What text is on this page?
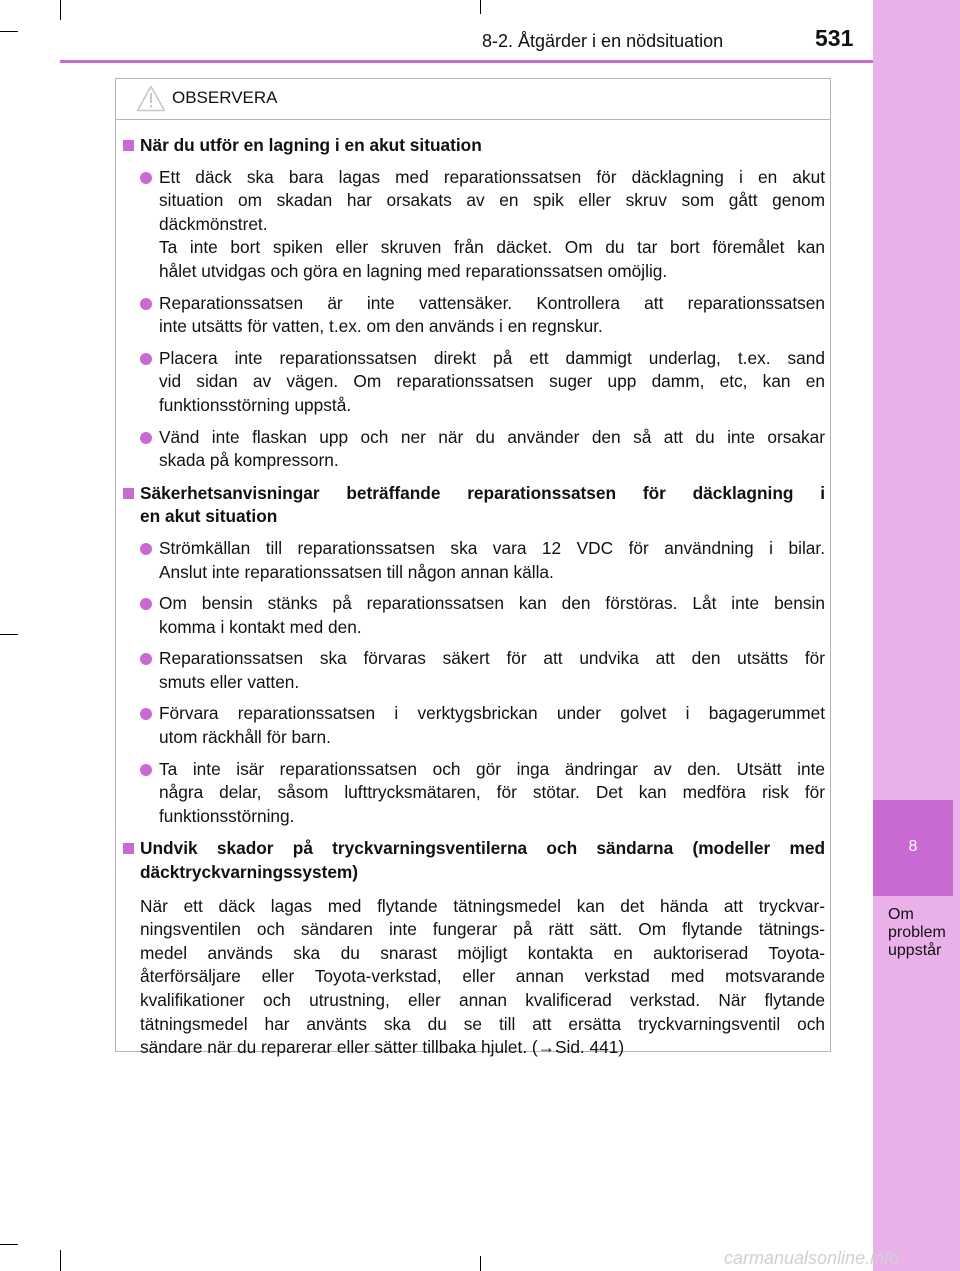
8
Om problem uppstår
8-2. Åtgärder i en nödsituation	531
OBSERVERA
När du utför en lagning i en akut situation
Ett däck ska bara lagas med reparationssatsen för däcklagning i en akut
situation om skadan har orsakats av en spik eller skruv som gått genom
däckmönstret.
Ta inte bort spiken eller skruven från däcket. Om du tar bort föremålet kan
hålet utvidgas och göra en lagning med reparationssatsen omöjlig.
Reparationssatsen är inte vattensäker. Kontrollera att reparationssatsen
inte utsätts för vatten, t.ex. om den används i en regnskur.
Placera inte reparationssatsen direkt på ett dammigt underlag, t.ex. sand
vid sidan av vägen. Om reparationssatsen suger upp damm, etc, kan en
funktionsstörning uppstå.
Vänd inte flaskan upp och ner när du använder den så att du inte orsakar
skada på kompressorn.
Säkerhetsanvisningar beträffande reparationssatsen för däcklagning i
en akut situation
Strömkällan till reparationssatsen ska vara 12 VDC för användning i bilar.
Anslut inte reparationssatsen till någon annan källa.
Om bensin stänks på reparationssatsen kan den förstöras. Låt inte bensin
komma i kontakt med den.
Reparationssatsen ska förvaras säkert för att undvika att den utsätts för
smuts eller vatten.
Förvara reparationssatsen i verktygsbrickan under golvet i bagagerummet
utom räckhåll för barn.
Ta inte isär reparationssatsen och gör inga ändringar av den. Utsätt inte
några delar, såsom lufttrycksmätaren, för stötar. Det kan medföra risk för
funktionsstörning.
Undvik skador på tryckvarningsventilerna och sändarna (modeller med
däcktryckvarningssystem)
När ett däck lagas med flytande tätningsmedel kan det hända att tryckvar-
ningsventilen och sändaren inte fungerar på rätt sätt. Om flytande tätnings-
medel används ska du snarast möjligt kontakta en auktoriserad Toyota-
återförsäljare eller Toyota-verkstad, eller annan verkstad med motsvarande
kvalifikationer och utrustning, eller annan kvalificerad verkstad. När flytande
tätningsmedel har använts ska du se till att ersätta tryckvarningsventil och
sändare när du reparerar eller sätter tillbaka hjulet. (→Sid. 441)
carmanualsonline.info
